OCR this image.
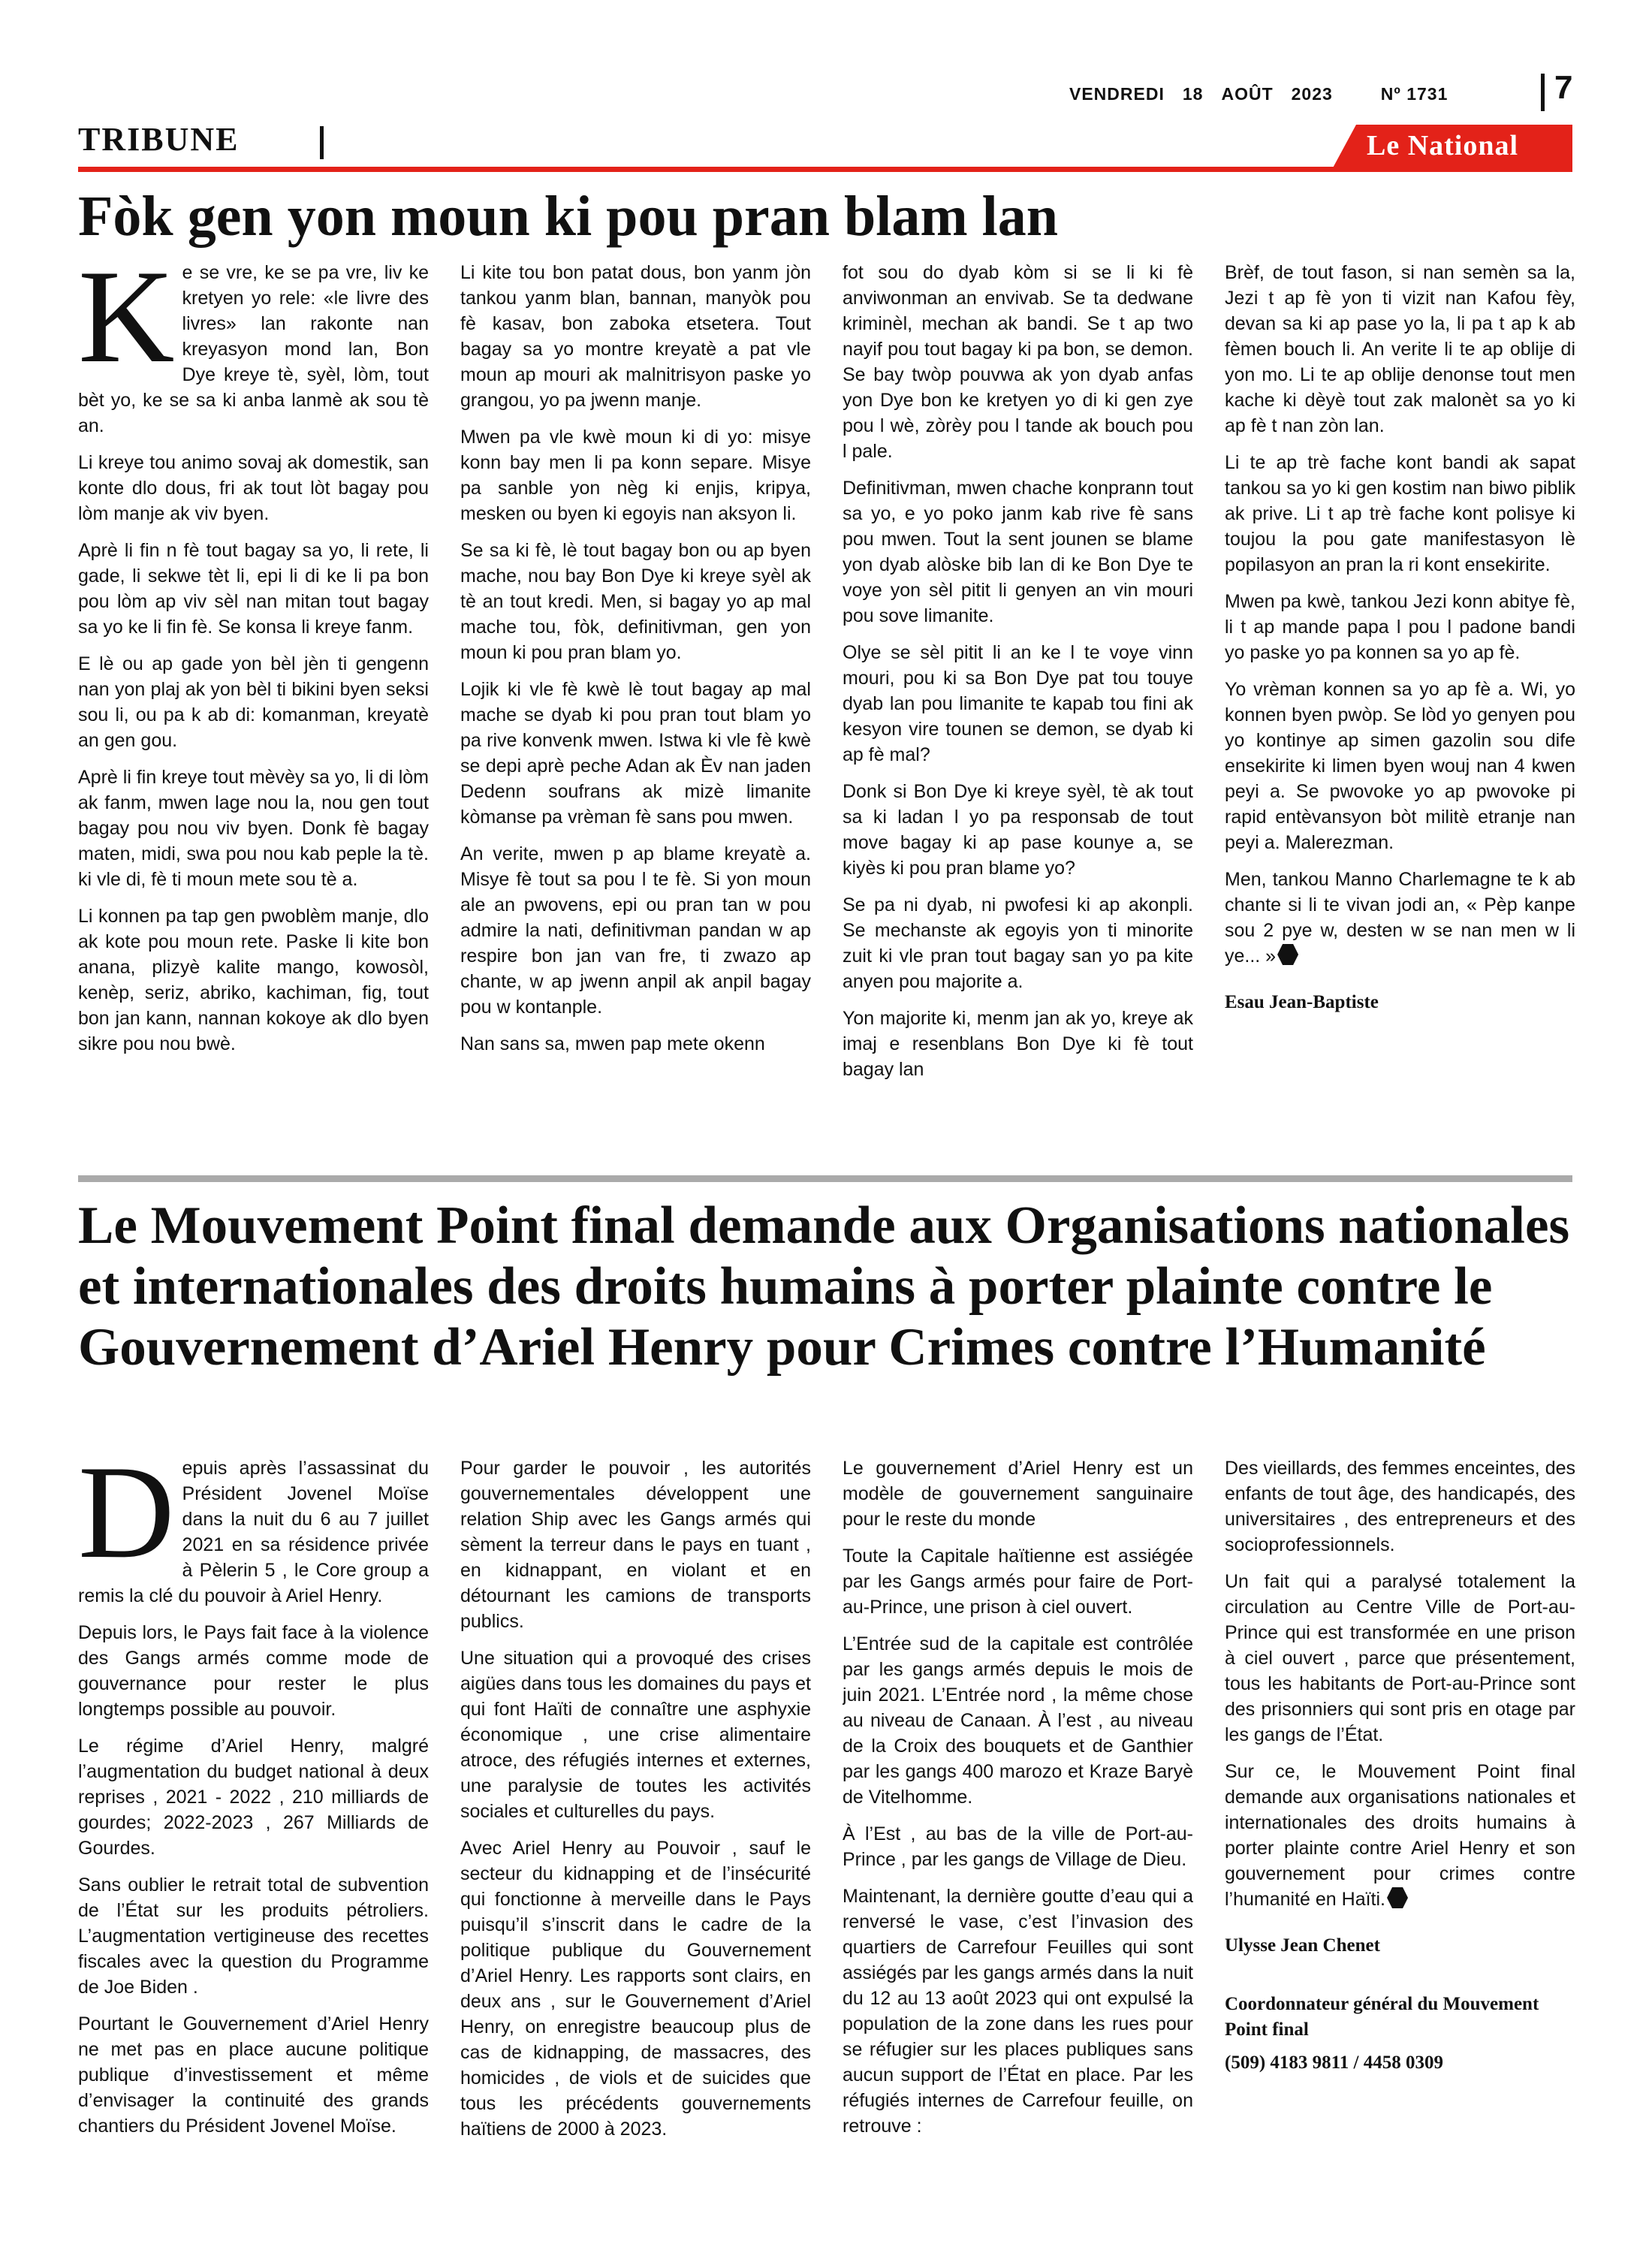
VENDREDI 18 AOÛT 2023	Nº 1731	7
TRIBUNE	Le National
Fòk gen yon moun ki pou pran blam lan
K e se vre, ke se pa vre, liv ke kretyen yo rele: «le livre des livres» lan rakonte nan kreyasyon mond lan, Bon Dye kreye tè, syèl, lòm, tout bèt yo, ke se sa ki anba lanmè ak sou tè an.

Li kreye tou animo sovaj ak domestik, san konte dlo dous, fri ak tout lòt bagay pou lòm manje ak viv byen.

Aprè li fin n fè tout bagay sa yo, li rete, li gade, li sekwe tèt li, epi li di ke li pa bon pou lòm ap viv sèl nan mitan tout bagay sa yo ke li fin fè. Se konsa li kreye fanm.

E lè ou ap gade yon bèl jèn ti gengenn nan yon plaj ak yon bèl ti bikini byen seksi sou li, ou pa k ab di: komanman, kreyatè an gen gou.

Aprè li fin kreye tout mèvèy sa yo, li di lòm ak fanm, mwen lage nou la, nou gen tout bagay pou nou viv byen. Donk fè bagay maten, midi, swa pou nou kab peple la tè. ki vle di, fè ti moun mete sou tè a.

Li konnen pa tap gen pwoblèm manje, dlo ak kote pou moun rete. Paske li kite bon anana, plizyè kalite mango, kowosòl, kenèp, seriz, abriko, kachiman, fig, tout bon jan kann, nannan kokoye ak dlo byen sikre pou nou bwè.

Li kite tou bon patat dous, bon yanm jòn tankou yanm blan, bannan, manyòk pou fè kasav, bon zaboka etsetera. Tout bagay sa yo montre kreyatè a pat vle moun ap mouri ak malnitrisyon paske yo grangou, yo pa jwenn manje.

Mwen pa vle kwè moun ki di yo: misye konn bay men li pa konn separe. Misye pa sanble yon nèg ki enjis, kripya, mesken ou byen ki egoyis nan aksyon li.

Se sa ki fè, lè tout bagay bon ou ap byen mache, nou bay Bon Dye ki kreye syèl ak tè an tout kredi. Men, si bagay yo ap mal mache tou, fòk, definitivman, gen yon moun ki pou pran blam yo.

Lojik ki vle fè kwè lè tout bagay ap mal mache se dyab ki pou pran tout blam yo pa rive konvenk mwen. Istwa ki vle fè kwè se depi aprè peche Adan ak Èv nan jaden Dedenn soufrans ak mizè limanite kòmanse pa vrèman fè sans pou mwen.

An verite, mwen p ap blame kreyatè a. Misye fè tout sa pou l te fè. Si yon moun ale an pwovens, epi ou pran tan w pou admire la nati, definitivman pandan w ap respire bon jan van fre, ti zwazo ap chante, w ap jwenn anpil ak anpil bagay pou w kontanple.

Nan sans sa, mwen pap mete okenn

fot sou do dyab kòm si se li ki fè anviwonman an envivab. Se ta dedwane kriminèl, mechan ak bandi. Se t ap two nayif pou tout bagay ki pa bon, se demon. Se bay twòp pouvwa ak yon dyab anfas yon Dye bon ke kretyen yo di ki gen zye pou l wè, zòrèy pou l tande ak bouch pou l pale.

Definitivman, mwen chache konprann tout sa yo, e yo poko janm kab rive fè sans pou mwen. Tout la sent jounen se blame yon dyab alòske bib lan di ke Bon Dye te voye yon sèl pitit li genyen an vin mouri pou sove limanite.

Olye se sèl pitit li an ke l te voye vinn mouri, pou ki sa Bon Dye pat tou touye dyab lan pou limanite te kapab tou fini ak kesyon vire tounen se demon, se dyab ki ap fè mal?

Donk si Bon Dye ki kreye syèl, tè ak tout sa ki ladan l yo pa responsab de tout move bagay ki ap pase kounye a, se kiyès ki pou pran blame yo?

Se pa ni dyab, ni pwofesi ki ap akonpli. Se mechanste ak egoyis yon ti minorite zuit ki vle pran tout bagay san yo pa kite anyen pou majorite a.

Yon majorite ki, menm jan ak yo, kreye ak imaj e resenblans Bon Dye ki fè tout bagay lan

Brèf, de tout fason, si nan semèn sa la, Jezi t ap fè yon ti vizit nan Kafou fèy, devan sa ki ap pase yo la, li pa t ap k ab fèmen bouch li. An verite li te ap oblije di yon mo. Li te ap oblije denonse tout men kache ki dèyè tout zak malonèt sa yo ki ap fè t nan zòn lan.

Li te ap trè fache kont bandi ak sapat tankou sa yo ki gen kostim nan biwo piblik ak prive. Li t ap trè fache kont polisye ki toujou la pou gate manifestasyon lè popilasyon an pran la ri kont ensekirite.

Mwen pa kwè, tankou Jezi konn abitye fè, li t ap mande papa l pou l padone bandi yo paske yo pa konnen sa yo ap fè.

Yo vrèman konnen sa yo ap fè a. Wi, yo konnen byen pwòp. Se lòd yo genyen pou yo kontinye ap simen gazolin sou dife ensekirite ki limen byen wouj nan 4 kwen peyi a. Se pwovoke yo ap pwovoke pi rapid entèvansyon bòt militè etranje nan peyi a. Malerezman.

Men, tankou Manno Charlemagne te k ab chante si li te vivan jodi an, « Pèp kanpe sou 2 pye w, desten w se nan men w li ye... »

Esau Jean-Baptiste
Le Mouvement Point final demande aux Organisations nationales et internationales des droits humains à porter plainte contre le Gouvernement d’Ariel Henry pour Crimes contre l’Humanité
D epuis après l’assassinat du Président Jovenel Moïse dans la nuit du 6 au 7 juillet 2021 en sa résidence privée à Pèlerin 5 , le Core group a remis la clé du pouvoir à Ariel Henry.

Depuis lors, le Pays fait face à la violence des Gangs armés comme mode de gouvernance pour rester le plus longtemps possible au pouvoir.

Le régime d’Ariel Henry, malgré l’augmentation du budget national à deux reprises , 2021 - 2022 , 210 milliards de gourdes; 2022-2023 , 267 Milliards de Gourdes.

Sans oublier le retrait total de subvention de l’État sur les produits pétroliers. L’augmentation vertigineuse des recettes fiscales avec la question du Programme de Joe Biden .

Pourtant le Gouvernement d’Ariel Henry ne met pas en place aucune politique publique d’investissement et même d’envisager la continuité des grands chantiers du Président Jovenel Moïse.

Pour garder le pouvoir , les autorités gouvernementales développent une relation Ship avec les Gangs armés qui sèment la terreur dans le pays en tuant , en kidnappant, en violant et en détournant les camions de transports publics.

Une situation qui a provoqué des crises aigües dans tous les domaines du pays et qui font Haïti de connaître une asphyxie économique , une crise alimentaire atroce, des réfugiés internes et externes, une paralysie de toutes les activités sociales et culturelles du pays.

Avec Ariel Henry au Pouvoir , sauf le secteur du kidnapping et de l’insécurité qui fonctionne à merveille dans le Pays puisqu’il s’inscrit dans le cadre de la politique publique du Gouvernement d’Ariel Henry. Les rapports sont clairs, en deux ans , sur le Gouvernement d’Ariel Henry, on enregistre beaucoup plus de cas de kidnapping, de massacres, des homicides , de viols et de suicides que tous les précédents gouvernements haïtiens de 2000 à 2023.

Le gouvernement d’Ariel Henry est un modèle de gouvernement sanguinaire pour le reste du monde

Toute la Capitale haïtienne est assiégée par les Gangs armés pour faire de Port-au-Prince, une prison à ciel ouvert.

L’Entrée sud de la capitale est contrôlée par les gangs armés depuis le mois de juin 2021. L’Entrée nord , la même chose au niveau de Canaan. À l’est , au niveau de la Croix des bouquets et de Ganthier par les gangs 400 marozo et Kraze Baryè de Vitelhomme.

À l’Est , au bas de la ville de Port-au-Prince , par les gangs de Village de Dieu.

Maintenant, la dernière goutte d’eau qui a renversé le vase, c’est l’invasion des quartiers de Carrefour Feuilles qui sont assiégés par les gangs armés dans la nuit du 12 au 13 août 2023 qui ont expulsé la population de la zone dans les rues pour se réfugier sur les places publiques sans aucun support de l’État en place. Par les réfugiés internes de Carrefour feuille, on retrouve :

Des vieillards, des femmes enceintes, des enfants de tout âge, des handicapés, des universitaires , des entrepreneurs et des socioprofessionnels.

Un fait qui a paralysé totalement la circulation au Centre Ville de Port-au-Prince qui est transformée en une prison à ciel ouvert , parce que présentement, tous les habitants de Port-au-Prince sont des prisonniers qui sont pris en otage par les gangs de l’État.

Sur ce, le Mouvement Point final demande aux organisations nationales et internationales des droits humains à porter plainte contre Ariel Henry et son gouvernement pour crimes contre l’humanité en Haïti.

Ulysse Jean Chenet
Coordonnateur général du Mouvement Point final
(509) 4183 9811 / 4458 0309
